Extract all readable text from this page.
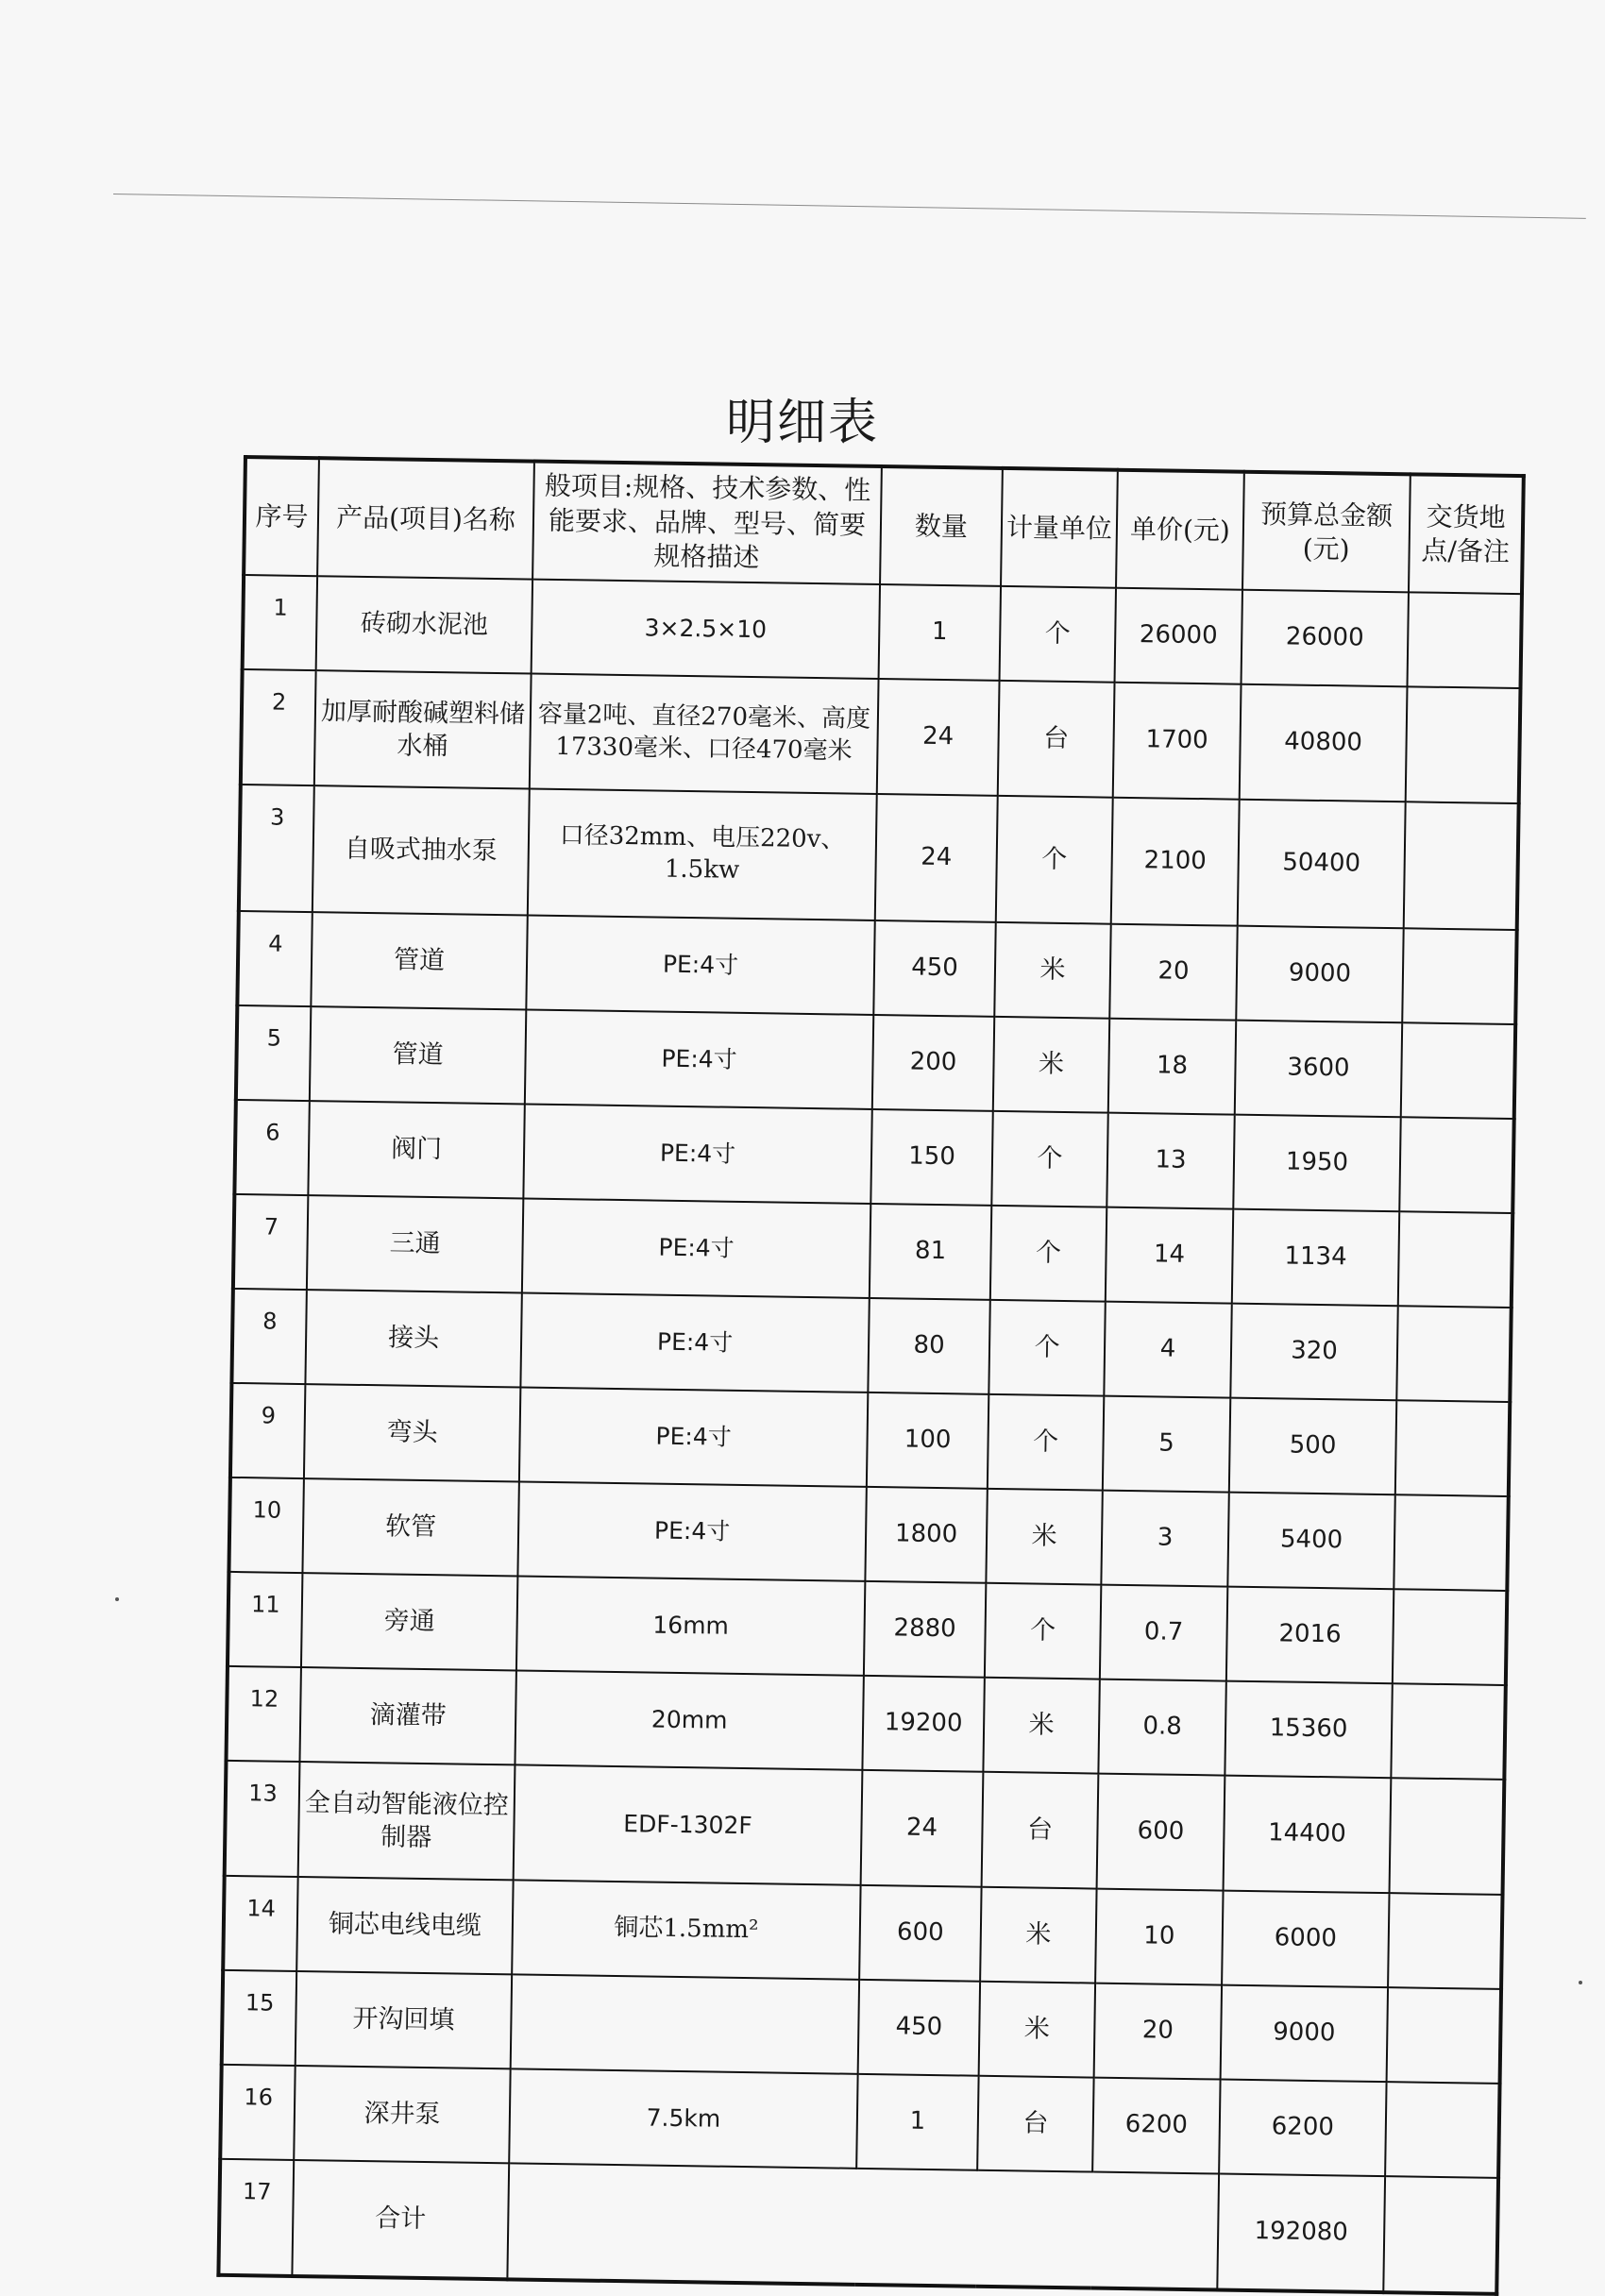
明细表
序号	产品(项目)名称	般项目:规格、技术参数、性能要求、品牌、型号、简要规格描述	数量	计量单位	单价(元)	预算总金额(元)	交货地点/备注
1	砖砌水泥池	3×2.5×10	1	个	26000	26000	
2	加厚耐酸碱塑料储水桶	容量2吨、直径270毫米、高度17330毫米、口径470毫米	24	台	1700	40800	
3	自吸式抽水泵	口径32mm、电压220v、1.5kw	24	个	2100	50400	
4	管道	PE:4寸	450	米	20	9000	
5	管道	PE:4寸	200	米	18	3600	
6	阀门	PE:4寸	150	个	13	1950	
7	三通	PE:4寸	81	个	14	1134	
8	接头	PE:4寸	80	个	4	320	
9	弯头	PE:4寸	100	个	5	500	
10	软管	PE:4寸	1800	米	3	5400	
11	旁通	16mm	2880	个	0.7	2016	
12	滴灌带	20mm	19200	米	0.8	15360	
13	全自动智能液位控制器	EDF-1302F	24	台	600	14400	
14	铜芯电线电缆	铜芯1.5mm²	600	米	10	6000	
15	开沟回填		450	米	20	9000	
16	深井泵	7.5km	1	台	6200	6200	
17	合计					192080	
